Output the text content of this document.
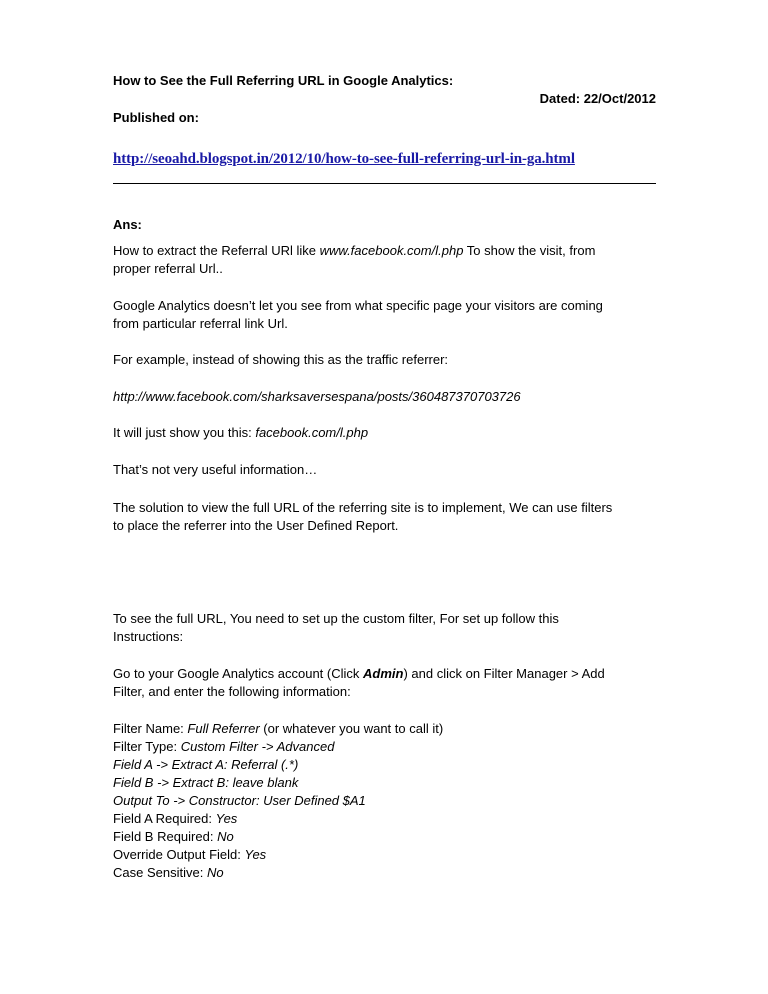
How to See the Full Referring URL in Google Analytics:
Dated: 22/Oct/2012
Published on:
http://seoahd.blogspot.in/2012/10/how-to-see-full-referring-url-in-ga.html
Ans:
How to extract the Referral URl like www.facebook.com/l.php To show the visit, from
proper referral Url..
Google Analytics doesn’t let you see from what specific page your visitors are coming
from particular referral link Url.
For example, instead of showing this as the traffic referrer:
http://www.facebook.com/sharksaversespana/posts/360487370703726
It will just show you this: facebook.com/l.php
That’s not very useful information…
The solution to view the full URL of the referring site is to implement, We can use filters
to place the referrer into the User Defined Report.
To see the full URL, You need to set up the custom filter, For set up follow this
Instructions:
Go to your Google Analytics account (Click Admin) and click on Filter Manager > Add
Filter, and enter the following information:
Filter Name: Full Referrer (or whatever you want to call it)
Filter Type: Custom Filter -> Advanced
Field A -> Extract A: Referral (.*)
Field B -> Extract B: leave blank
Output To -> Constructor: User Defined $A1
Field A Required: Yes
Field B Required: No
Override Output Field: Yes
Case Sensitive: No
